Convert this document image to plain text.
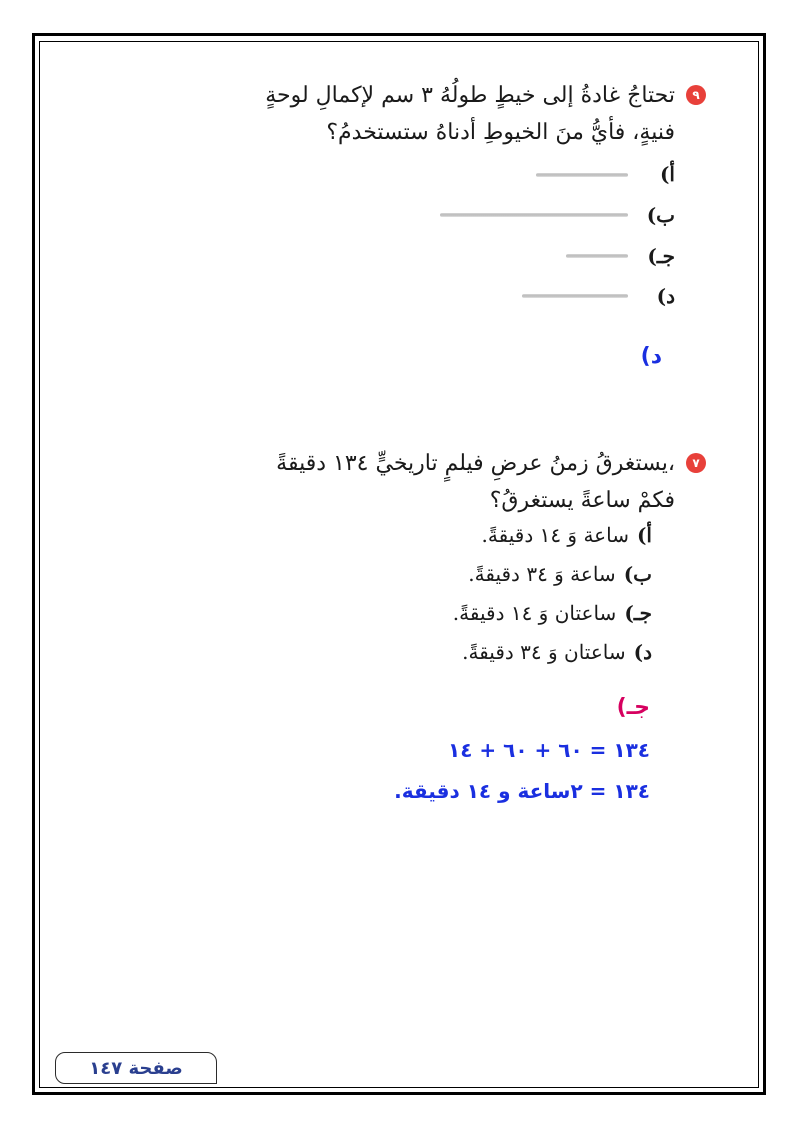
٩
تحتاجُ غادةُ إلى خيطٍ طولُهُ ٣ سم لإكمالِ لوحةٍ
فنيةٍ، فأيُّ منَ الخيوطِ أدناهُ ستستخدمُ؟
أ)
ب)
جـ)
د)
د)
٧
يستغرقُ زمنُ عرضِ فيلمٍ تاريخيٍّ ١٣٤ دقيقةً،
فكمْ ساعةً يستغرقُ؟
أ)
ساعة وَ ١٤ دقيقةً.
ب)
ساعة وَ ٣٤ دقيقةً.
جـ)
ساعتان وَ ١٤ دقيقةً.
د)
ساعتان وَ ٣٤ دقيقةً.
جـ)
١٣٤ = ٦٠ + ٦٠ + ١٤
١٣٤ = ٢ساعة و ١٤ دقيقة.
صفحة ١٤٧
